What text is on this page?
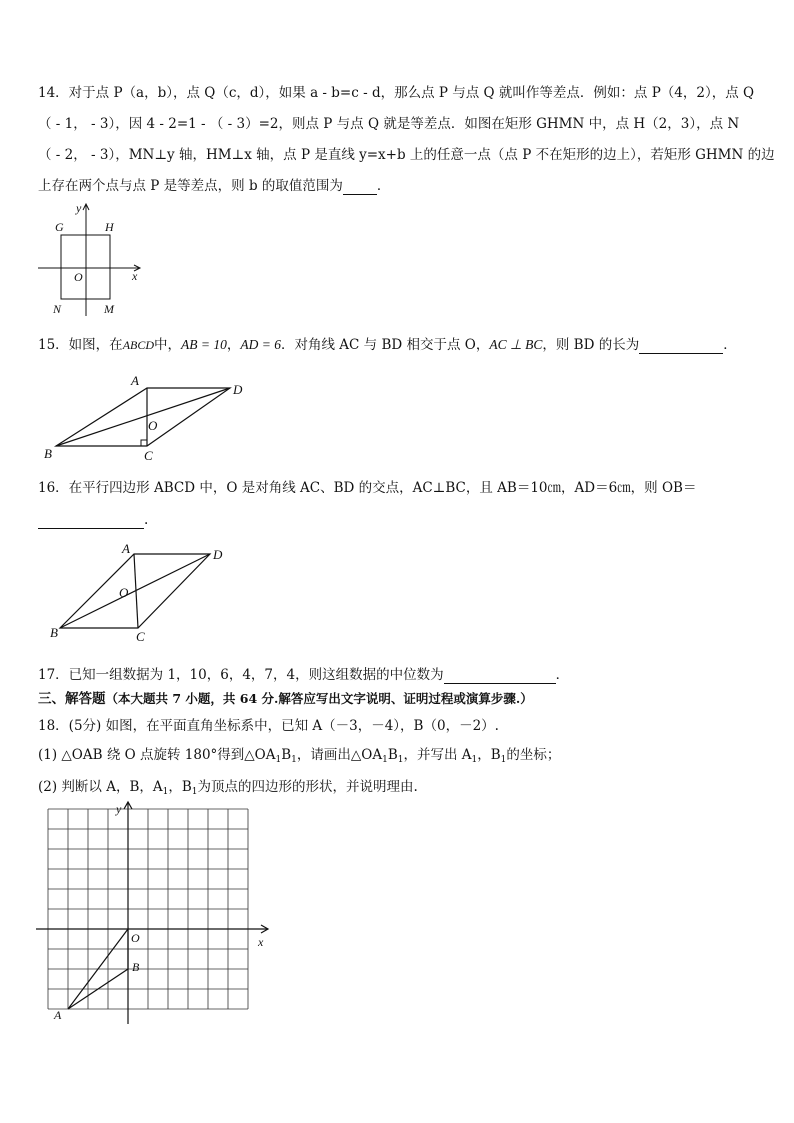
14．对于点 P（a，b），点 Q（c，d），如果 a - b=c - d，那么点 P 与点 Q 就叫作等差点．例如：点 P（4，2），点 Q
（ - 1， - 3），因 4 - 2=1 - （ - 3）=2，则点 P 与点 Q 就是等差点．如图在矩形 GHMN 中，点 H（2，3），点 N
（ - 2， - 3），MN⊥y 轴，HM⊥x 轴，点 P 是直线 y=x+b 上的任意一点（点 P 不在矩形的边上），若矩形 GHMN 的边
上存在两个点与点 P 是等差点，则 b 的取值范围为	．
G	H
y
O	x
N	M
15．如图，在ABCD中，AB = 10，AD = 6．对角线 AC 与 BD 相交于点 O，AC ⊥ BC，则 BD 的长为	．
A
D
O
B	C
16．在平行四边形 ABCD 中，O 是对角线 AC、BD 的交点，AC⊥BC，且 AB＝10㎝，AD＝6㎝，则 OB＝
.
A	D
O
B	C
17．已知一组数据为 1，10，6，4，7，4，则这组数据的中位数为	．
三、解答题（本大题共 7 小题，共 64 分.解答应写出文字说明、证明过程或演算步骤.）
18．(5分) 如图，在平面直角坐标系中，已知 A（－3，－4），B（0，－2）.
(1) △OAB 绕 O 点旋转 180°得到$\triangle OA_1B_1$，请画出$\triangle OA_1B_1$，并写出 $A_1$，$B_1$的坐标；
(2) 判断以 A，B，$A_1$，$B_1$为顶点的四边形的形状，并说明理由.
y
O	x
B
A
